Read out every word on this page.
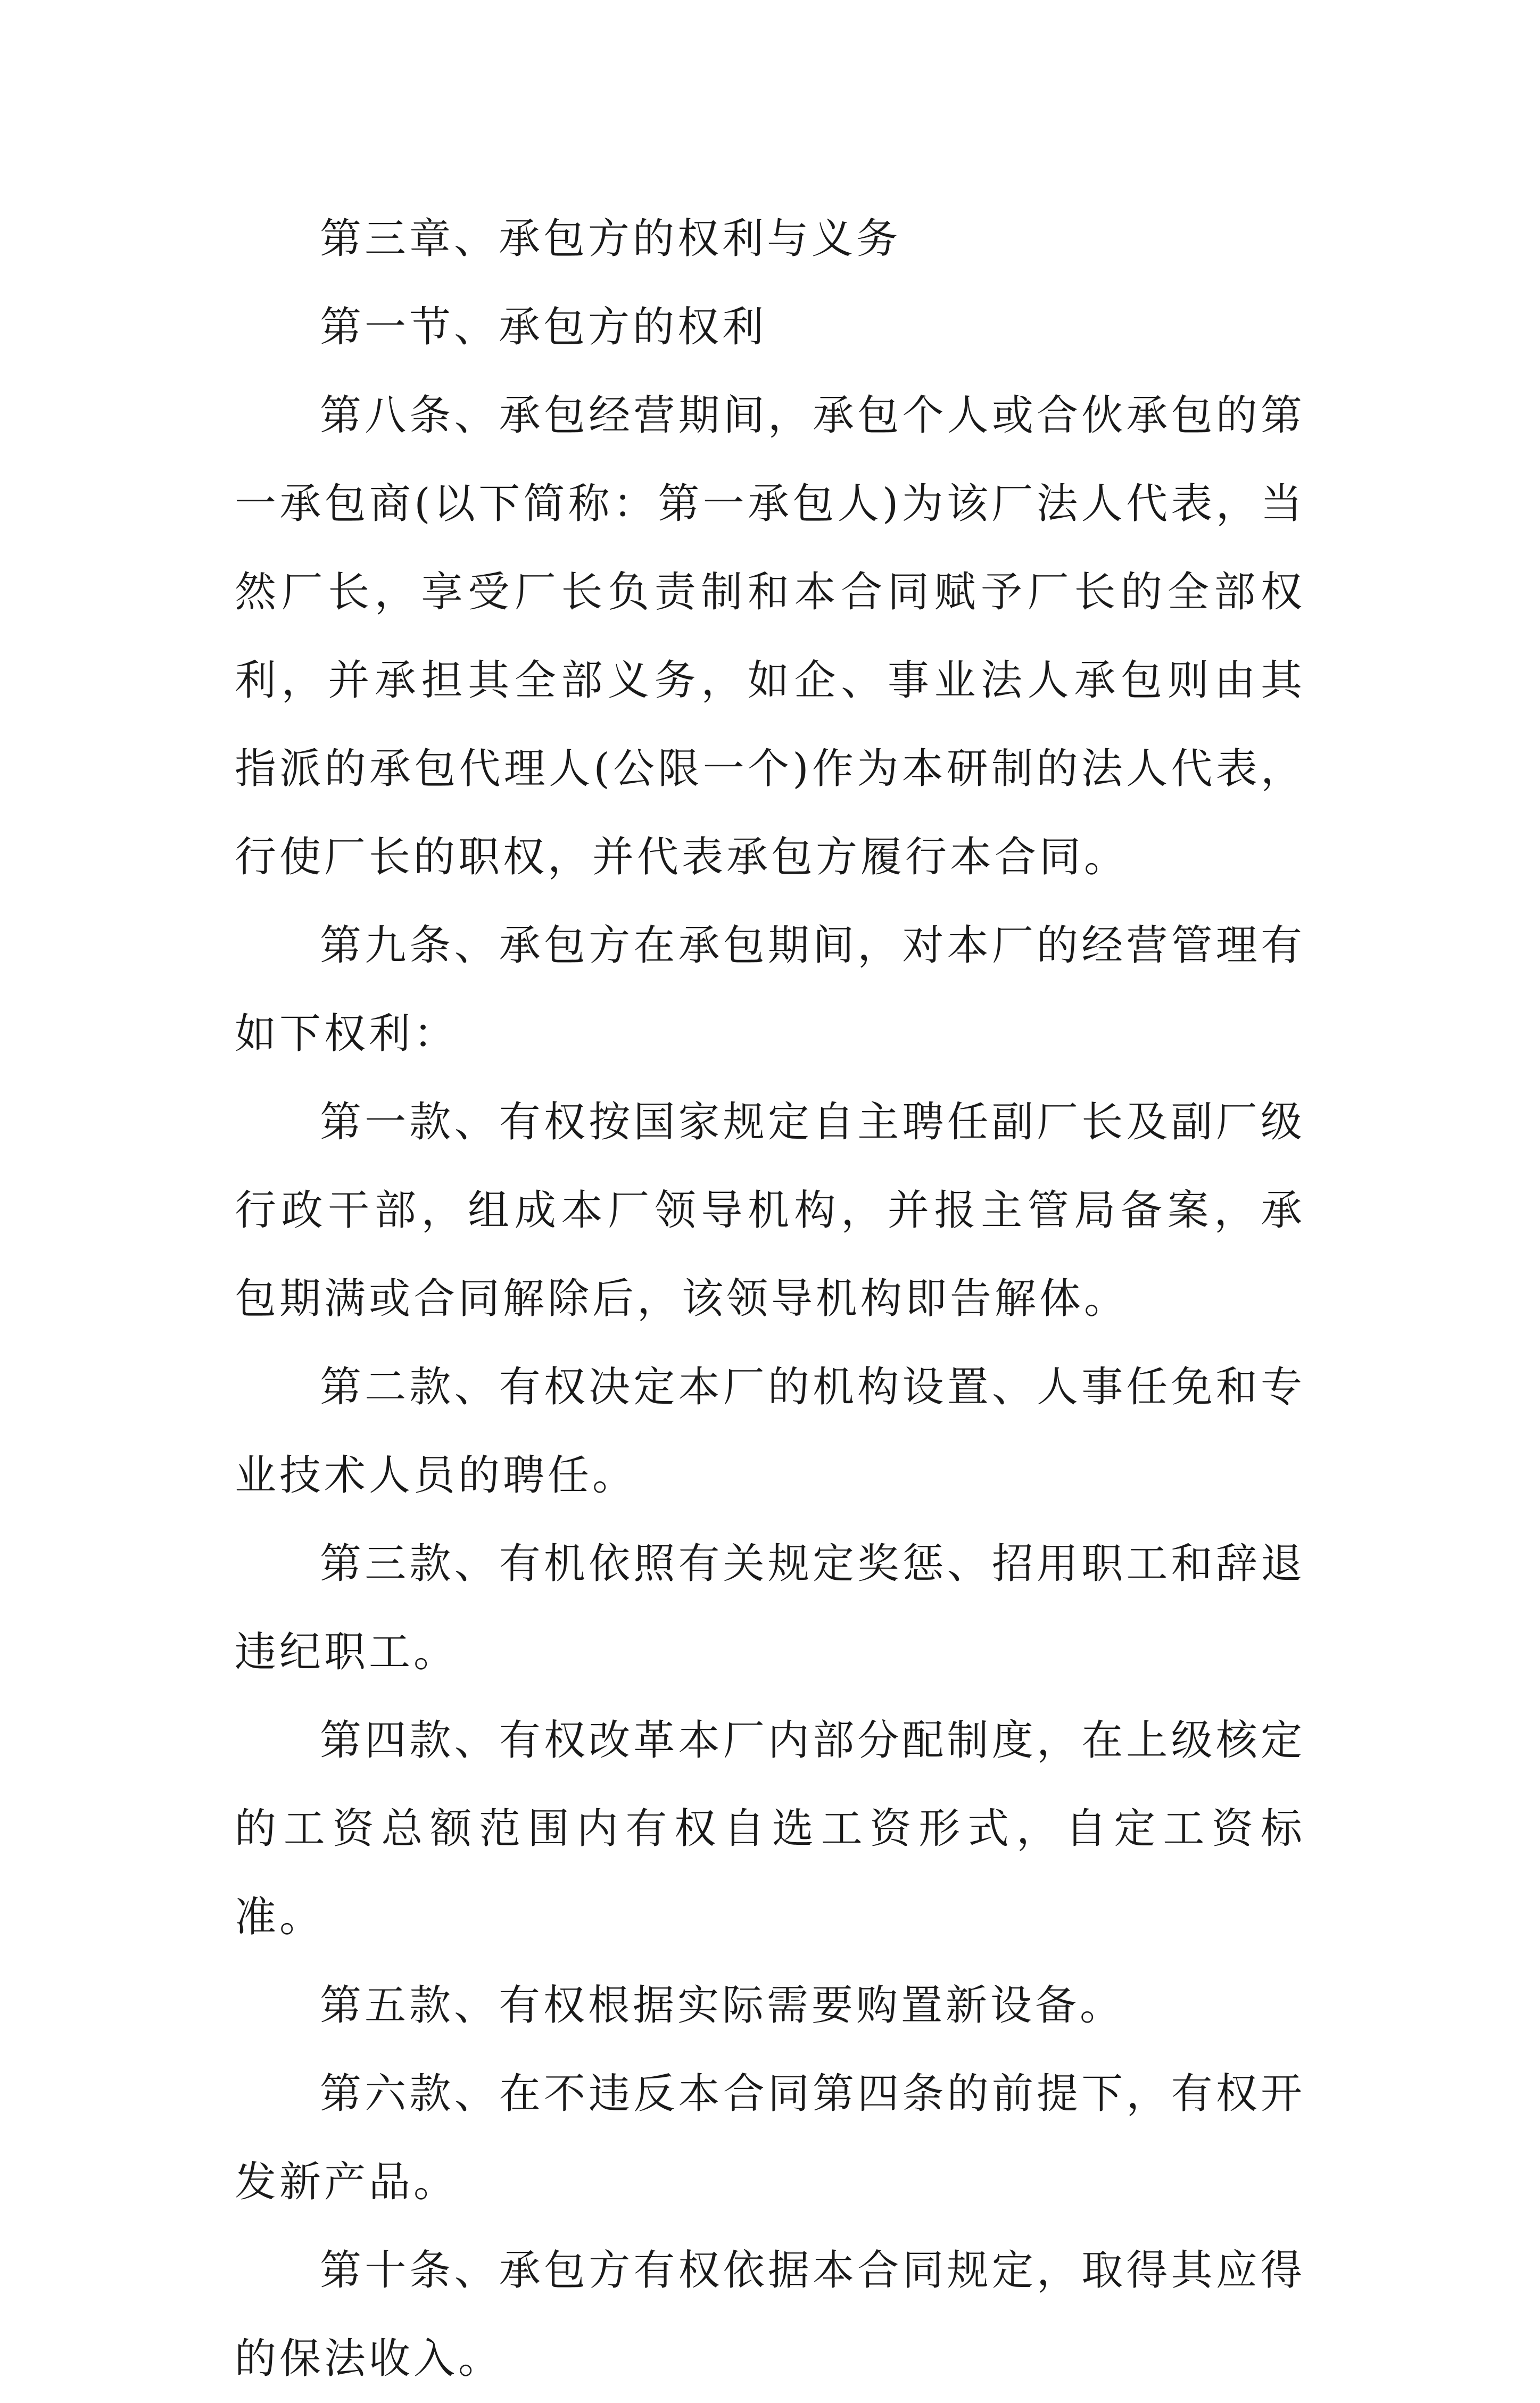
第三章、承包方的权利与义务

第一节、承包方的权利

第八条、承包经营期间，承包个人或合伙承包的第一承包商(以下简称：第一承包人)为该厂法人代表，当然厂长，享受厂长负责制和本合同赋予厂长的全部权利，并承担其全部义务，如企、事业法人承包则由其指派的承包代理人(公限一个)作为本研制的法人代表，行使厂长的职权，并代表承包方履行本合同。

第九条、承包方在承包期间，对本厂的经营管理有如下权利：

第一款、有权按国家规定自主聘任副厂长及副厂级行政干部，组成本厂领导机构，并报主管局备案，承包期满或合同解除后，该领导机构即告解体。

第二款、有权决定本厂的机构设置、人事任免和专业技术人员的聘任。

第三款、有机依照有关规定奖惩、招用职工和辞退违纪职工。

第四款、有权改革本厂内部分配制度，在上级核定的工资总额范围内有权自选工资形式，自定工资标准。

第五款、有权根据实际需要购置新设备。

第六款、在不违反本合同第四条的前提下，有权开发新产品。

第十条、承包方有权依据本合同规定，取得其应得的保法收入。
